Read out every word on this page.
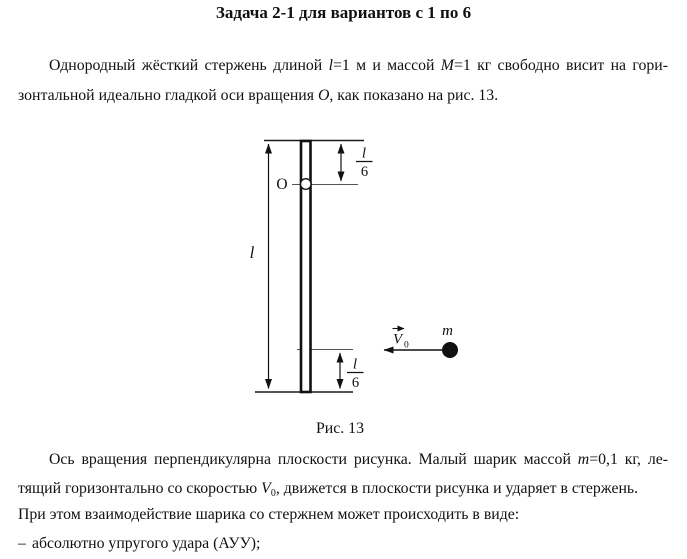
Задача 2-1 для вариантов с 1 по 6
Однородный жёсткий стержень длиной l=1 м и массой M=1 кг свободно висит на гори-
зонтальной идеально гладкой оси вращения O, как показано на рис. 13.
O
l
l
6
l
6
V 0
m
Рис. 13
Ось вращения перпендикулярна плоскости рисунка. Малый шарик массой m=0,1 кг, ле-
тящий горизонтально со скоростью $V_0$, движется в плоскости рисунка и ударяет в стержень.
При этом взаимодействие шарика со стержнем может происходить в виде:
– абсолютно упругого удара (АУУ);
